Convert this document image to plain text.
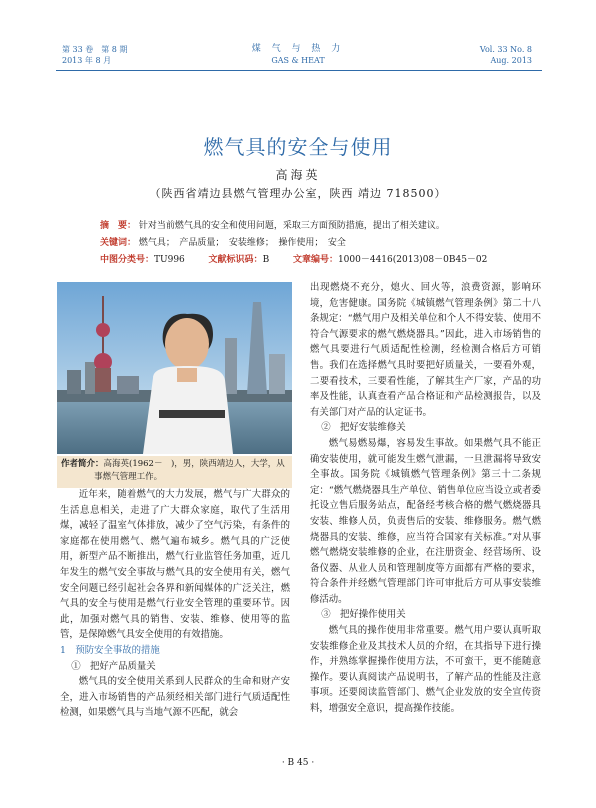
第 33 卷　第 8 期
2013 年 8 月
煤 气 与 热 力
GAS & HEAT
Vol. 33 No. 8
Aug. 2013
燃气具的安全与使用
高海英
（陕西省靖边县燃气管理办公室，陕西 靖边 718500）
摘　要： 针对当前燃气具的安全和使用问题，采取三方面预防措施，提出了相关建议。
关键词： 燃气具；　产品质量；　安装维修；　操作使用；　安全
中图分类号：TU996	文献标识码：B	文章编号：1000－4416(2013)08－0B45－02
作者简介：高海英(1962－　)，男，陕西靖边人，大学，从
事燃气管理工作。

近年来，随着燃气的大力发展，燃气与广大群众的生活息息相关，走进了广大群众家庭，取代了生活用煤，减轻了温室气体排放，减少了空气污染，有条件的家庭都在使用燃气、燃气遍布城乡。燃气具的广泛使用，新型产品不断推出，燃气行业监管任务加重，近几年发生的燃气安全事故与燃气具的安全使用有关，燃气安全问题已经引起社会各界和新闻媒体的广泛关注，燃气具的安全与使用是燃气行业安全管理的重要环节。因此，加强对燃气具的销售、安装、维修、使用等的监管，是保障燃气具安全使用的有效措施。

1　预防安全事故的措施

①　把好产品质量关

燃气具的安全使用关系到人民群众的生命和财产安全，进入市场销售的产品须经相关部门进行气质适配性检测，如果燃气具与当地气源不匹配，就会

出现燃烧不充分，熄火、回火等，浪费资源，影响环境，危害健康。国务院《城镇燃气管理条例》第二十八条规定：“燃气用户及相关单位和个人不得安装、使用不符合气源要求的燃气燃烧器具。”因此，进入市场销售的燃气具要进行气质适配性检测，经检测合格后方可销售。我们在选择燃气具时要把好质量关，一要看外观，二要看技术，三要看性能，了解其生产厂家，产品的功率及性能，认真查看产品合格证和产品检测报告，以及有关部门对产品的认定证书。

②　把好安装维修关

燃气易燃易爆，容易发生事故。如果燃气具不能正确安装使用，就可能发生燃气泄漏，一旦泄漏将导致安全事故。国务院《城镇燃气管理条例》第三十二条规定：“燃气燃烧器具生产单位、销售单位应当设立或者委托设立售后服务站点，配备经考核合格的燃气燃烧器具安装、维修人员，负责售后的安装、维修服务。燃气燃烧器具的安装、维修，应当符合国家有关标准。”对从事燃气燃烧安装维修的企业，在注册资金、经营场所、设备仪器、从业人员和管理制度等方面都有严格的要求，符合条件并经燃气管理部门许可审批后方可从事安装维修活动。

③　把好操作使用关

燃气具的操作使用非常重要。燃气用户要认真听取安装维修企业及其技术人员的介绍，在其指导下进行操作，并熟练掌握操作使用方法，不可蛮干，更不能随意操作。要认真阅读产品说明书，了解产品的性能及注意事项。还要阅读监管部门、燃气企业发放的安全宣传资料，增强安全意识，提高操作技能。

· B 45 ·
